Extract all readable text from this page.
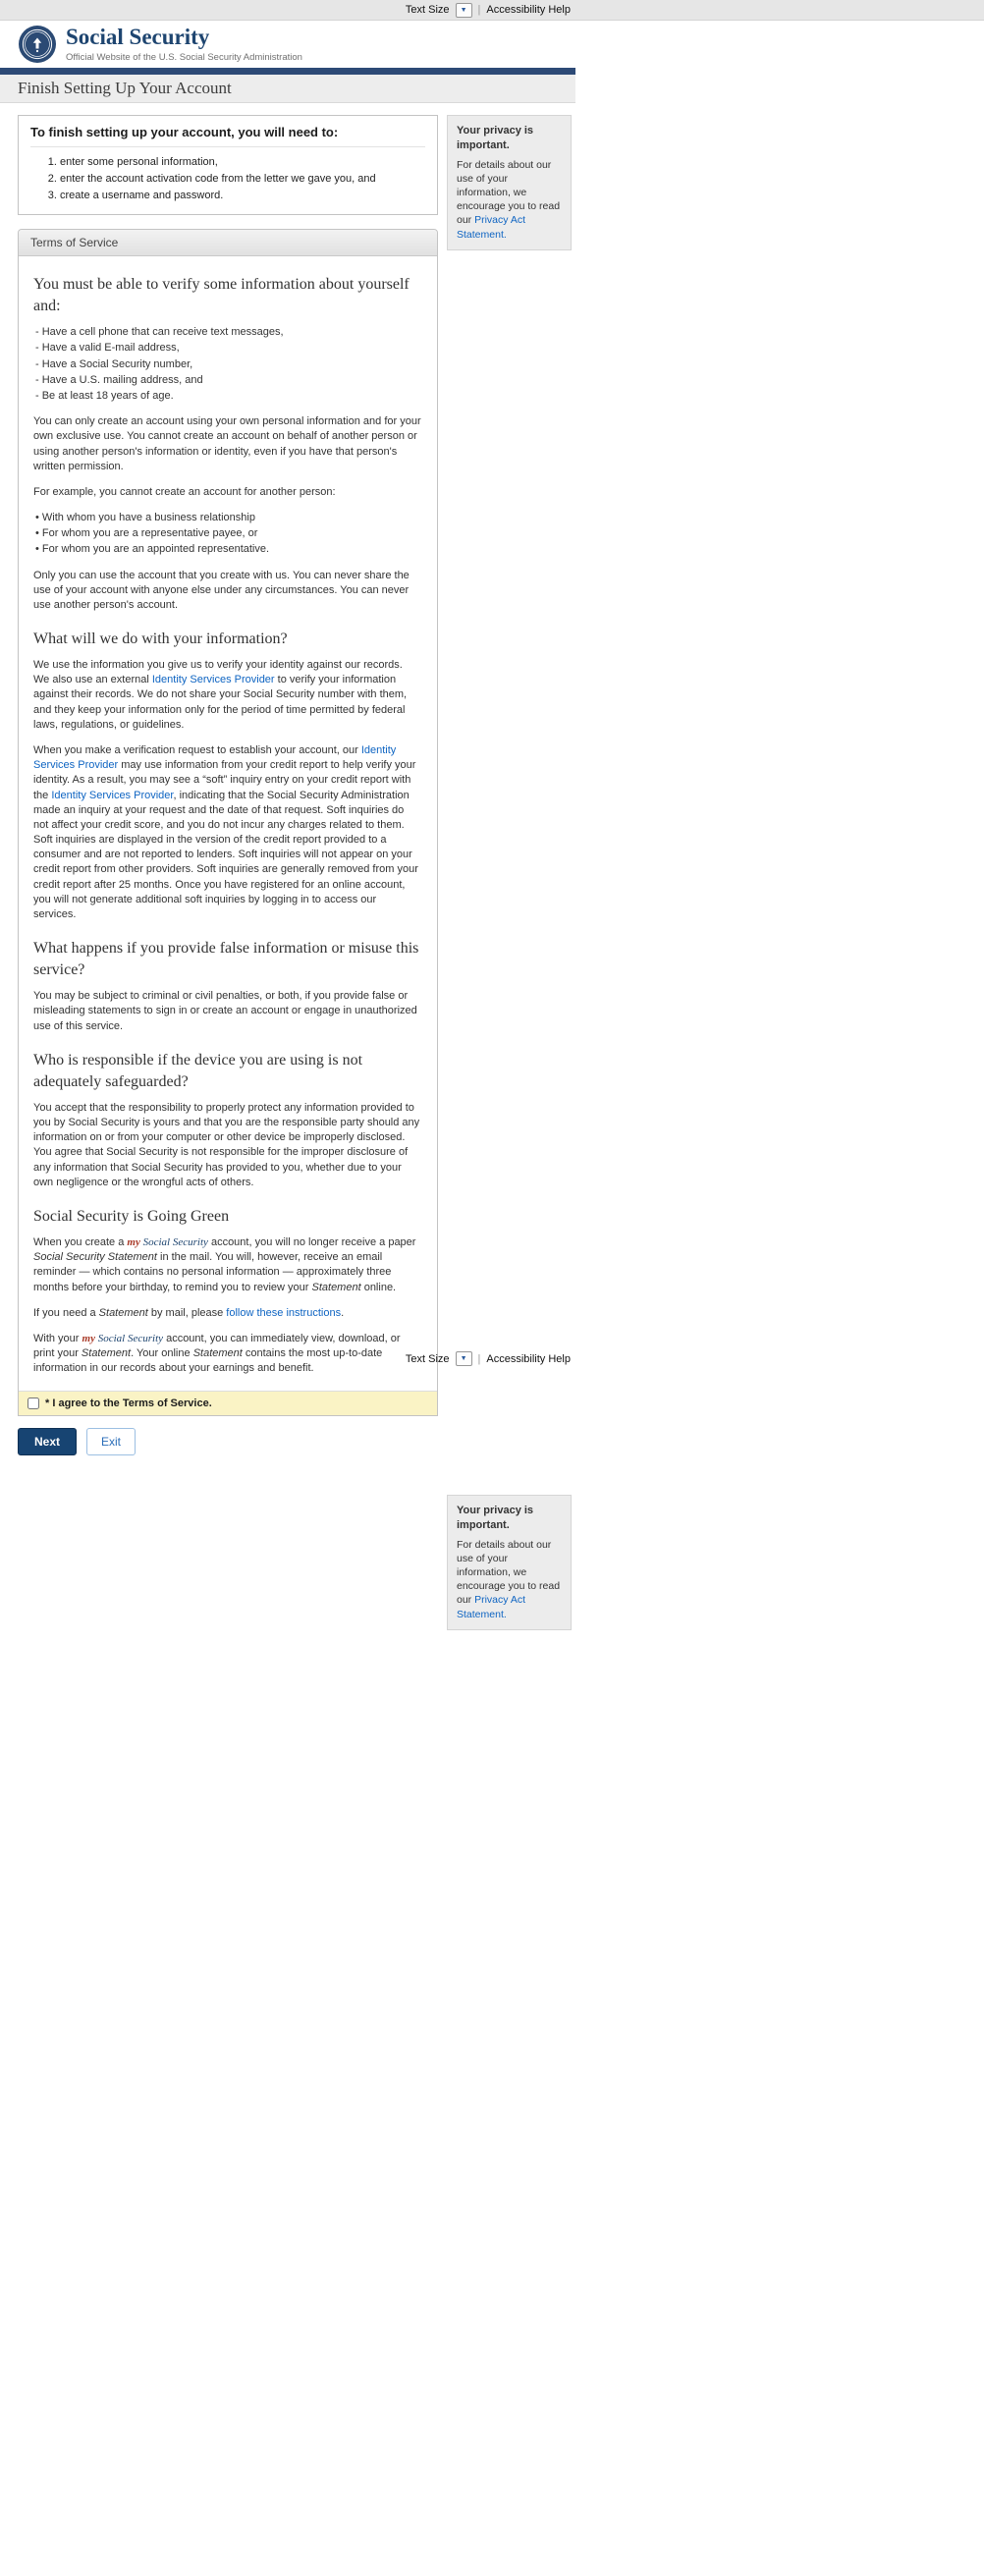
Text Size ▼ | Accessibility Help
Social Security
Official Website of the U.S. Social Security Administration
Finish Setting Up Your Account
To finish setting up your account, you will need to:
1. enter some personal information,
2. enter the account activation code from the letter we gave you, and
3. create a username and password.
Terms of Service
You must be able to verify some information about yourself and:
- Have a cell phone that can receive text messages,
- Have a valid E-mail address,
- Have a Social Security number,
- Have a U.S. mailing address, and
- Be at least 18 years of age.

You can only create an account using your own personal information and for your own exclusive use. You cannot create an account on behalf of another person or using another person's information or identity, even if you have that person's written permission.

For example, you cannot create an account for another person:

• With whom you have a business relationship
• For whom you are a representative payee, or
• For whom you are an appointed representative.

Only you can use the account that you create with us. You can never share the use of your account with anyone else under any circumstances. You can never use another person's account.

What will we do with your information?

We use the information you give us to verify your identity against our records. We also use an external Identity Services Provider to verify your information against their records. We do not share your Social Security number with them, and they keep your information only for the period of time permitted by federal laws, regulations, or guidelines.

When you make a verification request to establish your account, our Identity Services Provider may use information from your credit report to help verify your identity. As a result, you may see a “soft” inquiry entry on your credit report with the Identity Services Provider, indicating that the Social Security Administration made an inquiry at your request and the date of that request. Soft inquiries do not affect your credit score, and you do not incur any charges related to them. Soft inquiries are displayed in the version of the credit report provided to a consumer and are not reported to lenders. Soft inquiries will not appear on your credit report from other providers. Soft inquiries are generally removed from your credit report after 25 months. Once you have registered for an online account, you will not generate additional soft inquiries by logging in to access our services.

What happens if you provide false information or misuse this service?

You may be subject to criminal or civil penalties, or both, if you provide false or misleading statements to sign in or create an account or engage in unauthorized use of this service.

Who is responsible if the device you are using is not adequately safeguarded?

You accept that the responsibility to properly protect any information provided to you by Social Security is yours and that you are the responsible party should any information on or from your computer or other device be improperly disclosed. You agree that Social Security is not responsible for the improper disclosure of any information that Social Security has provided to you, whether due to your own negligence or the wrongful acts of others.

Social Security is Going Green

When you create a my Social Security account, you will no longer receive a paper Social Security Statement in the mail. You will, however, receive an email reminder — which contains no personal information — approximately three months before your birthday, to remind you to review your Statement online.

If you need a Statement by mail, please follow these instructions.

With your my Social Security account, you can immediately view, download, or print your Statement. Your online Statement contains the most up-to-date information in our records about your earnings and benefit.

* I agree to the Terms of Service.
Next	Exit
Your privacy is important.
For details about our use of your information, we encourage you to read our Privacy Act Statement.
Text Size ▼ | Accessibility Help
Your privacy is important.
For details about our use of your information, we encourage you to read our Privacy Act Statement.
